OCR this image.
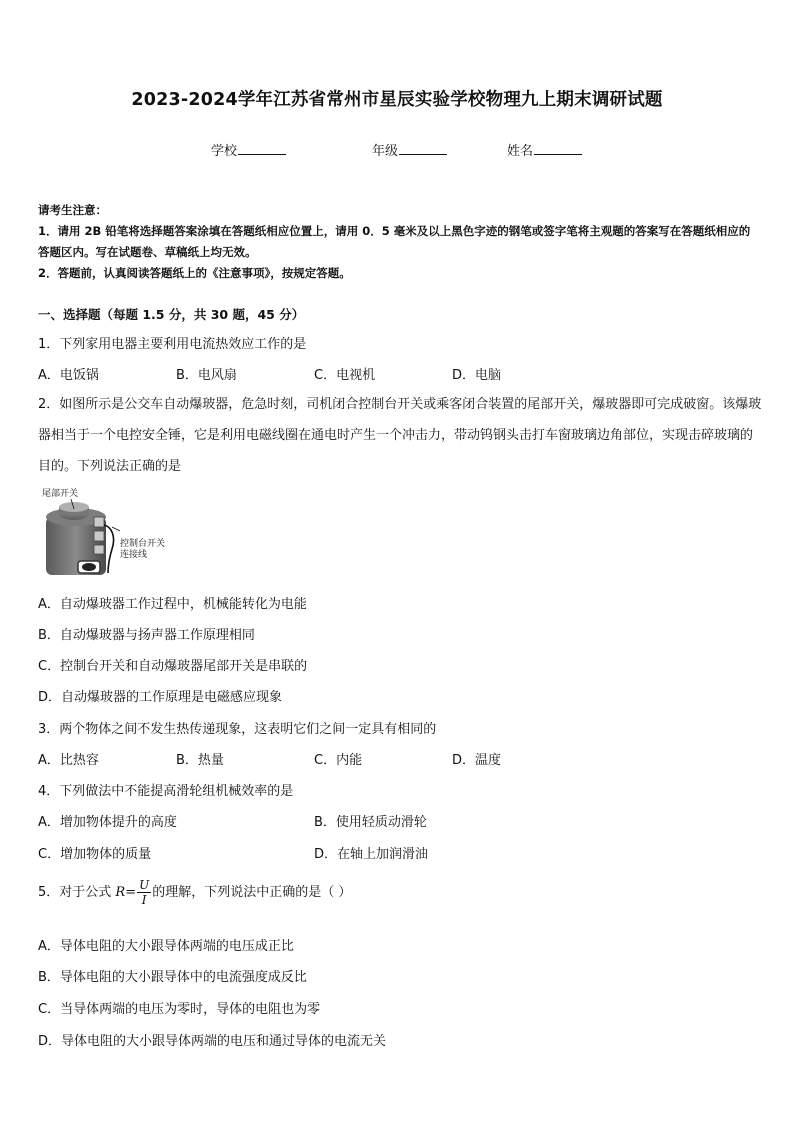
2023-2024学年江苏省常州市星辰实验学校物理九上期末调研试题
学校	年级	姓名
请考生注意：
1．请用 2B 铅笔将选择题答案涂填在答题纸相应位置上，请用 0．5 毫米及以上黑色字迹的钢笔或签字笔将主观题的答案写在答题纸相应的答题区内。写在试题卷、草稿纸上均无效。
2．答题前，认真阅读答题纸上的《注意事项》，按规定答题。
一、选择题（每题 1.5 分，共 30 题，45 分）
1．下列家用电器主要利用电流热效应工作的是
A．电饭锅	B．电风扇	C．电视机	D．电脑
2．如图所示是公交车自动爆玻器，危急时刻，司机闭合控制台开关或乘客闭合装置的尾部开关，爆玻器即可完成破窗。该爆玻器相当于一个电控安全锤，它是利用电磁线圈在通电时产生一个冲击力，带动钨钢头击打车窗玻璃边角部位，实现击碎玻璃的目的。下列说法正确的是
尾部开关
控制台开关
连接线
A．自动爆玻器工作过程中，机械能转化为电能
B．自动爆玻器与扬声器工作原理相同
C．控制台开关和自动爆玻器尾部开关是串联的
D．自动爆玻器的工作原理是电磁感应现象
3．两个物体之间不发生热传递现象，这表明它们之间一定具有相同的
A．比热容	B．热量	C．内能	D．温度
4．下列做法中不能提高滑轮组机械效率的是
A．增加物体提升的高度	B．使用轻质动滑轮
C．增加物体的质量	D．在轴上加润滑油
5．对于公式 $R= \frac{U}{I}$ 的理解，下列说法中正确的是（ ）
A．导体电阻的大小跟导体两端的电压成正比
B．导体电阻的大小跟导体中的电流强度成反比
C．当导体两端的电压为零时，导体的电阻也为零
D．导体电阻的大小跟导体两端的电压和通过导体的电流无关
